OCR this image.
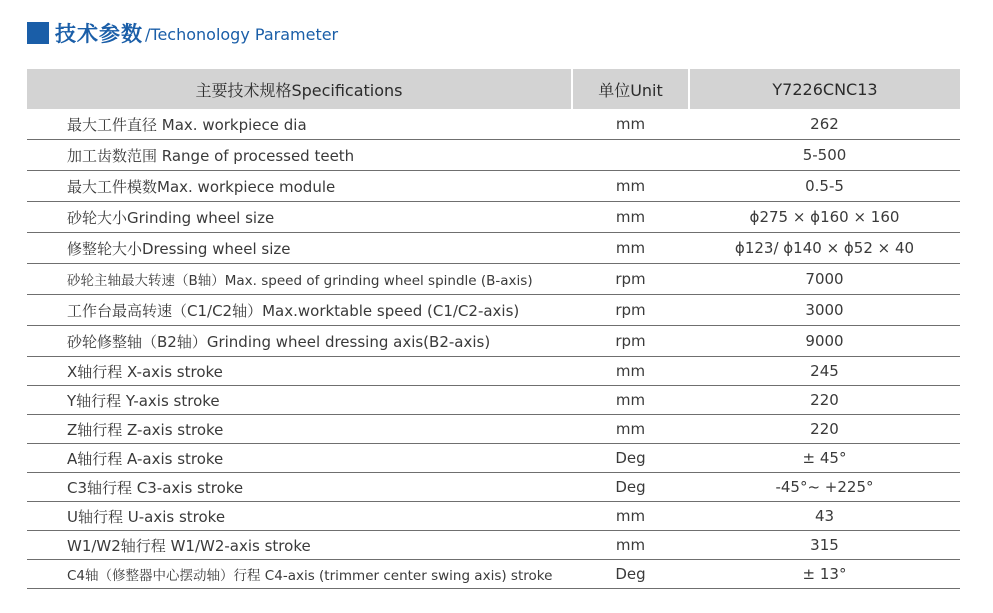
技术参数 /Techonology Parameter
主要技术规格Specifications	单位Unit	Y7226CNC13
最大工件直径 Max. workpiece dia	mm	262
加工齿数范围 Range of processed teeth		5-500
最大工件模数Max. workpiece module	mm	0.5-5
砂轮大小Grinding wheel size	mm	ϕ275 × ϕ160 × 160
修整轮大小Dressing wheel size	mm	ϕ123/ ϕ140 × ϕ52 × 40
砂轮主轴最大转速（B轴）Max. speed of grinding wheel spindle (B-axis)	rpm	7000
工作台最高转速（C1/C2轴）Max.worktable speed (C1/C2-axis)	rpm	3000
砂轮修整轴（B2轴）Grinding wheel dressing axis(B2-axis)	rpm	9000
X轴行程 X-axis stroke	mm	245
Y轴行程 Y-axis stroke	mm	220
Z轴行程 Z-axis stroke	mm	220
A轴行程 A-axis stroke	Deg	± 45°
C3轴行程 C3-axis stroke	Deg	-45°~ +225°
U轴行程 U-axis stroke	mm	43
W1/W2轴行程 W1/W2-axis stroke	mm	315
C4轴（修整器中心摆动轴）行程 C4-axis (trimmer center swing axis) stroke	Deg	± 13°
